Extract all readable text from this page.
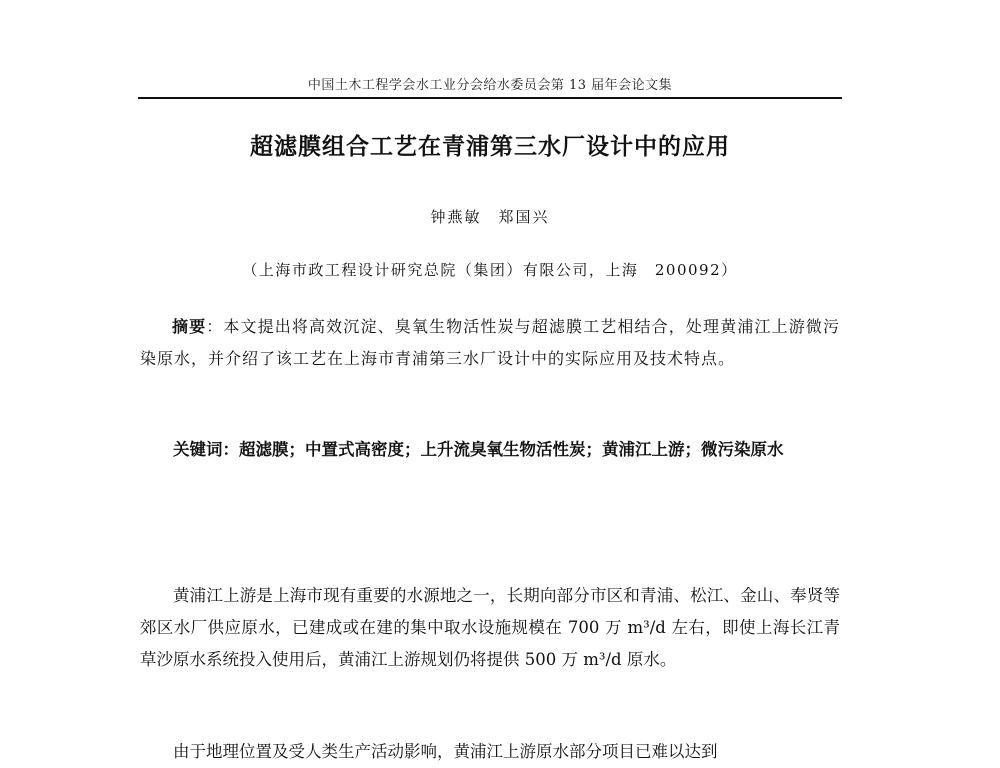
中国土木工程学会水工业分会给水委员会第 13 届年会论文集
超滤膜组合工艺在青浦第三水厂设计中的应用
钟燕敏　郑国兴
（上海市政工程设计研究总院（集团）有限公司，上海　200092）
摘要：本文提出将高效沉淀、臭氧生物活性炭与超滤膜工艺相结合，处理黄浦江上游微污染原水，并介绍了该工艺在上海市青浦第三水厂设计中的实际应用及技术特点。
关键词：超滤膜；中置式高密度；上升流臭氧生物活性炭；黄浦江上游；微污染原水
黄浦江上游是上海市现有重要的水源地之一，长期向部分市区和青浦、松江、金山、奉贤等郊区水厂供应原水，已建成或在建的集中取水设施规模在 700 万 m³/d 左右，即使上海长江青草沙原水系统投入使用后，黄浦江上游规划仍将提供 500 万 m³/d 原水。
由于地理位置及受人类生产活动影响，黄浦江上游原水部分项目已难以达到
